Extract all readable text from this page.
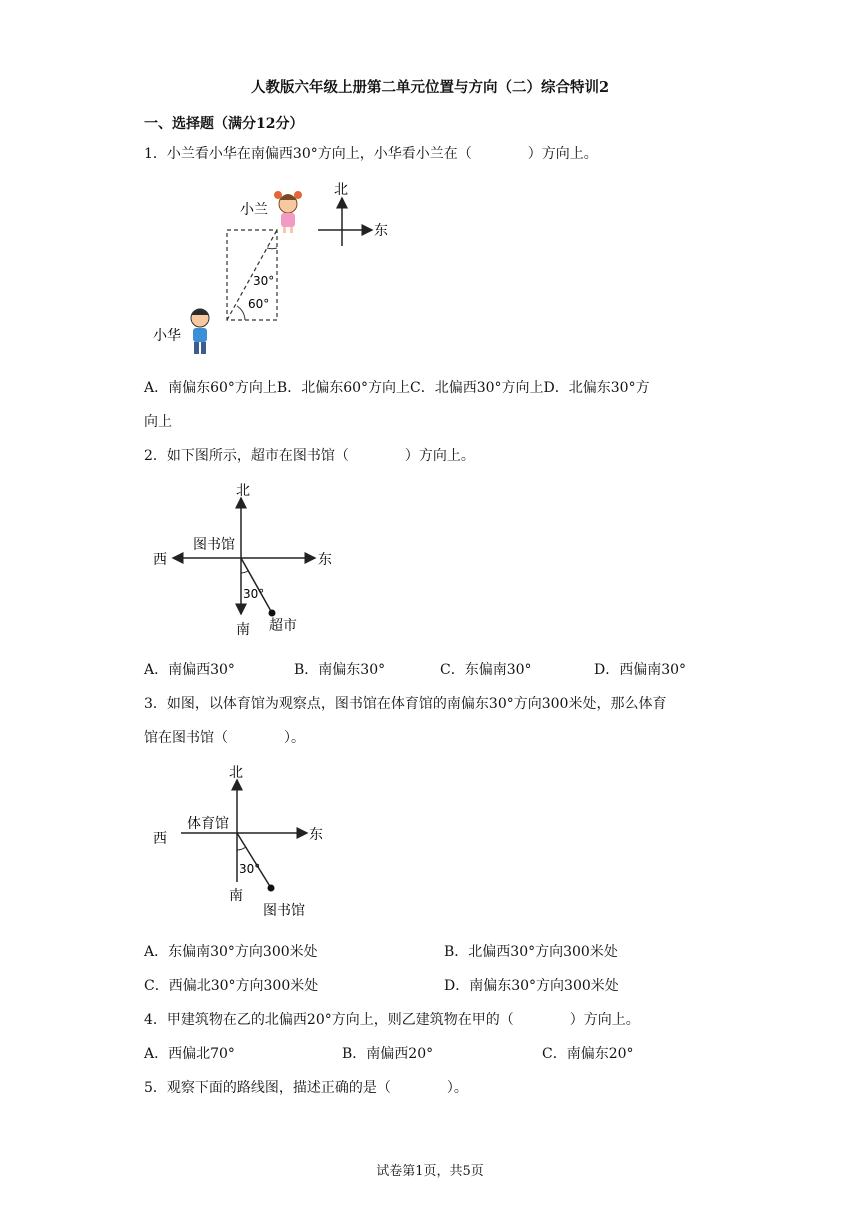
人教版六年级上册第二单元位置与方向（二）综合特训2
一、选择题（满分12分）
1．小兰看小华在南偏西30°方向上，小华看小兰在（　　　　）方向上。
30°
60°
小兰
小华
北
东
A．南偏东60°方向上B．北偏东60°方向上C．北偏西30°方向上D．北偏东30°方
向上
2．如下图所示，超市在图书馆（　　　　）方向上。
30°
北
南
西	东
图书馆
超市
A．南偏西30°	B．南偏东30°	C．东偏南30°	D．西偏南30°
3．如图，以体育馆为观察点，图书馆在体育馆的南偏东30°方向300米处，那么体育
馆在图书馆（　　　　）。
30°
北
南
西	东
体育馆
图书馆
A．东偏南30°方向300米处	B．北偏西30°方向300米处
C．西偏北30°方向300米处	D．南偏东30°方向300米处
4．甲建筑物在乙的北偏西20°方向上，则乙建筑物在甲的（　　　　）方向上。
A．西偏北70°	B．南偏西20°	C．南偏东20°
5．观察下面的路线图，描述正确的是（　　　　）。
试卷第1页，共5页
